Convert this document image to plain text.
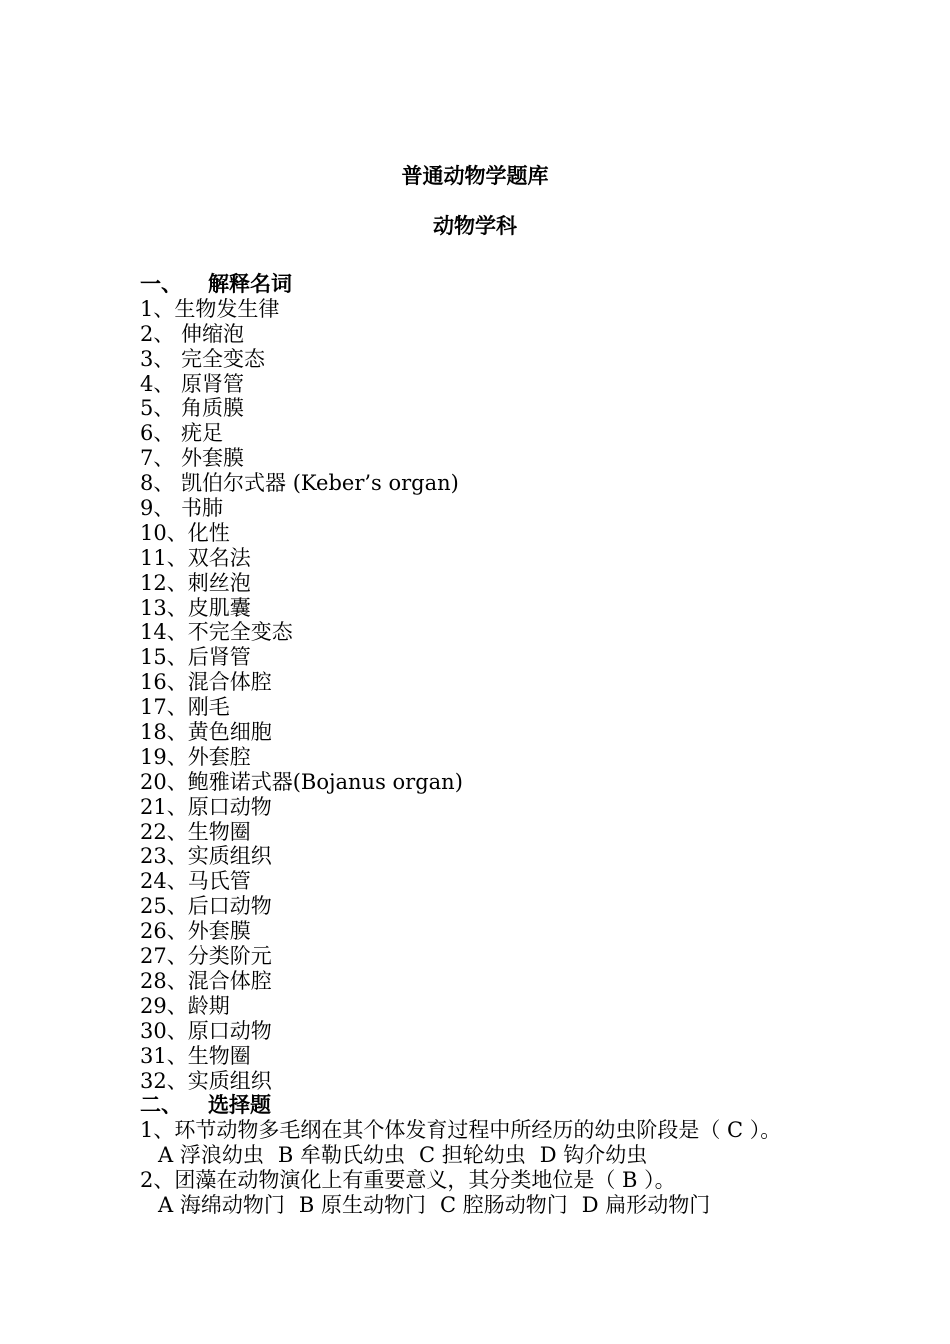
普通动物学题库
动物学科
一、 解释名词
1、生物发生律
2、 伸缩泡
3、 完全变态
4、 原肾管
5、 角质膜
6、 疣足
7、 外套膜
8、 凯伯尔式器 (Keber’s organ)
9、 书肺
10、化性
11、双名法
12、刺丝泡
13、皮肌囊
14、不完全变态
15、后肾管
16、混合体腔
17、刚毛
18、黄色细胞
19、外套腔
20、鲍雅诺式器(Bojanus organ)
21、原口动物
22、生物圈
23、实质组织
24、马氏管
25、后口动物
26、外套膜
27、分类阶元
28、混合体腔
29、龄期
30、原口动物
31、生物圈
32、实质组织
二、 选择题
1、环节动物多毛纲在其个体发育过程中所经历的幼虫阶段是（ C ）。
A 浮浪幼虫 B 牟勒氏幼虫 C 担轮幼虫 D 钩介幼虫
2、团藻在动物演化上有重要意义，其分类地位是（ B ）。
A 海绵动物门 B 原生动物门 C 腔肠动物门 D 扁形动物门
